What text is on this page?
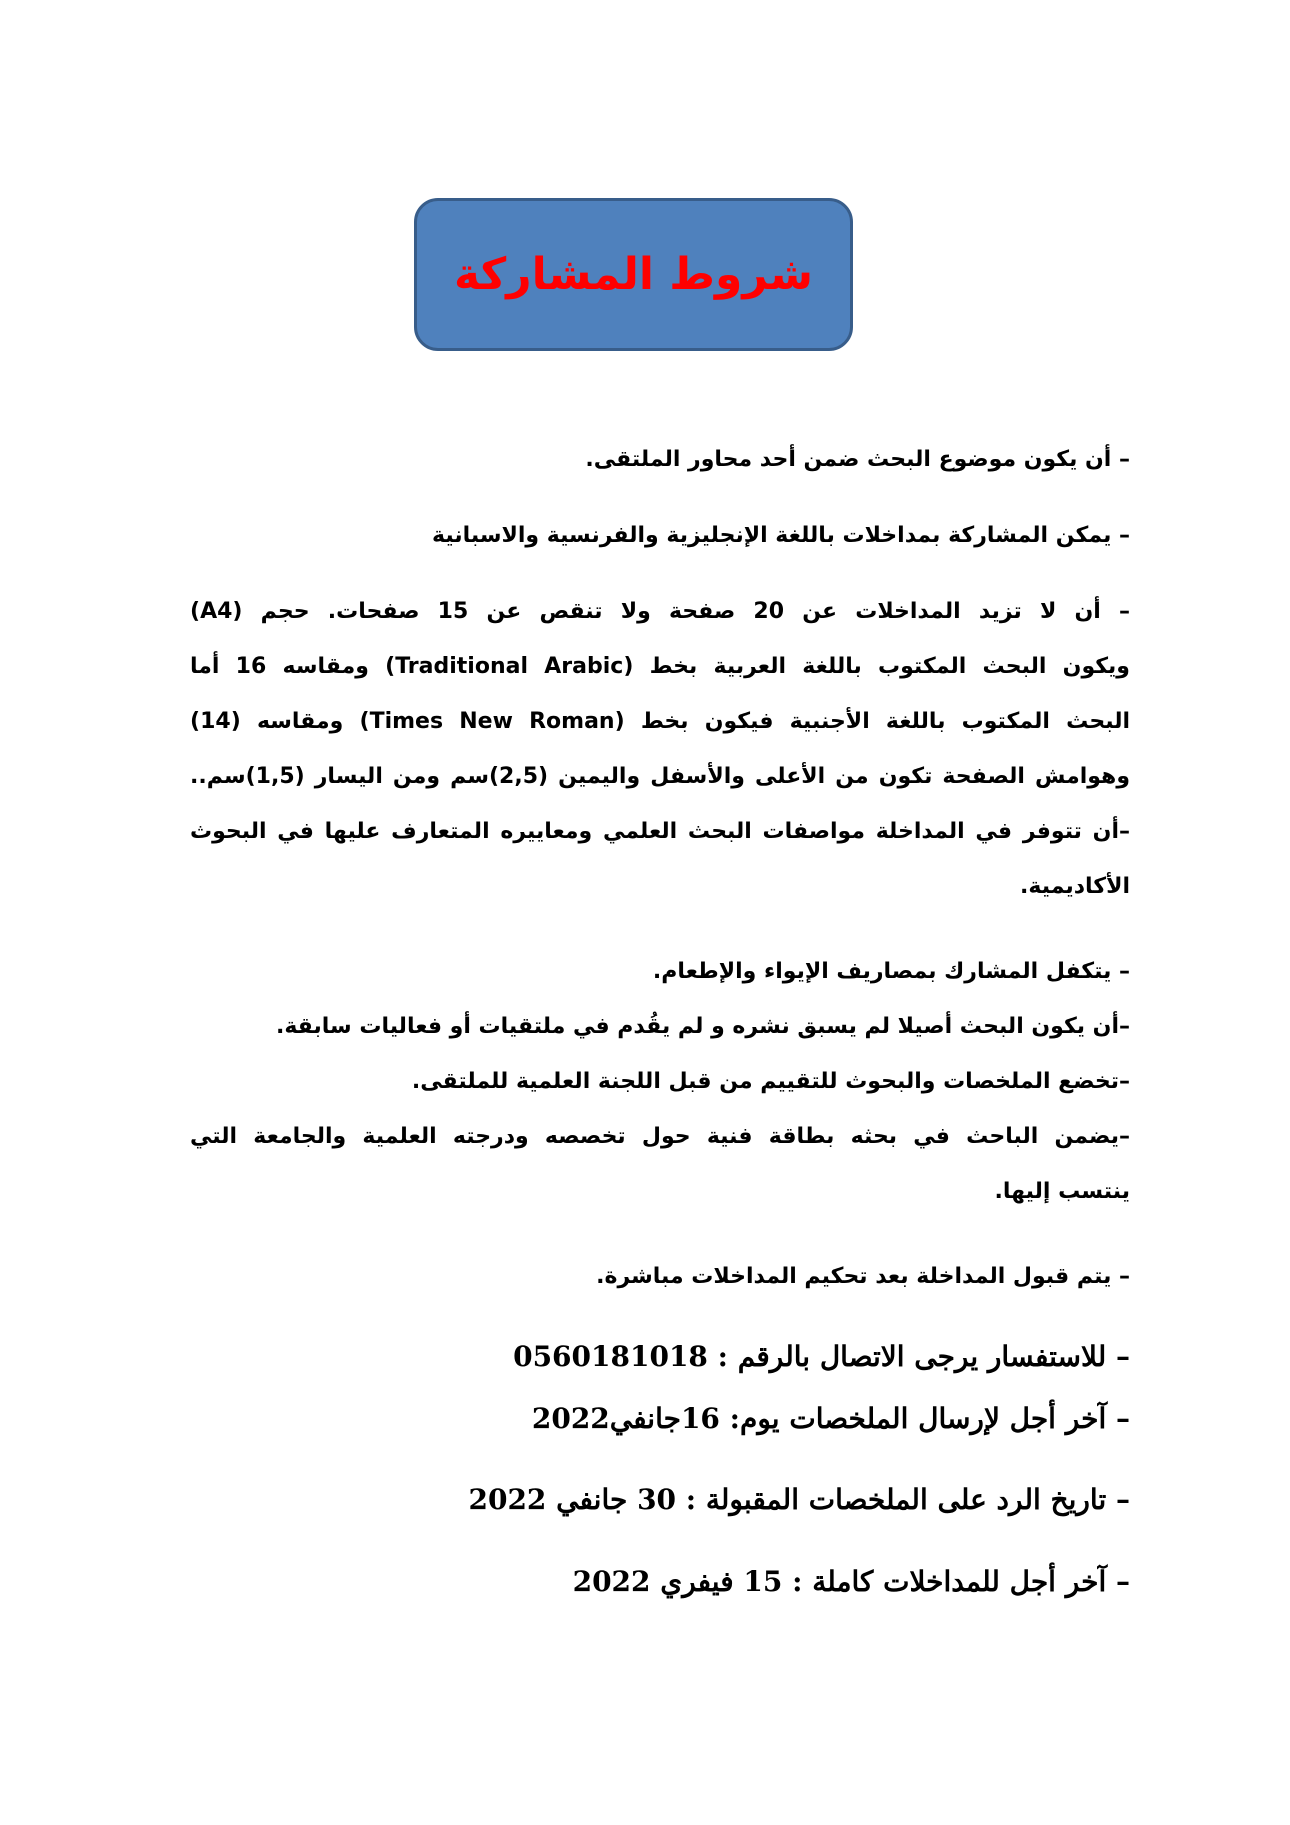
شروط المشاركة
– أن يكون موضوع البحث ضمن أحد محاور الملتقى.
– يمكن المشاركة بمداخلات باللغة الإنجليزية والفرنسية والاسبانية
– أن لا تزيد المداخلات عن 20 صفحة ولا تنقص عن 15 صفحات. حجم (A4)
ويكون البحث المكتوب باللغة العربية بخط (Traditional Arabic) ومقاسه 16 أما
البحث المكتوب باللغة الأجنبية فيكون بخط (Times New Roman) ومقاسه (14)
وهوامش الصفحة تكون من الأعلى والأسفل واليمين (2,5)سم ومن اليسار (1,5)سم..
–أن تتوفر في المداخلة مواصفات البحث العلمي ومعاييره المتعارف عليها في البحوث
الأكاديمية.
– يتكفل المشارك بمصاريف الإيواء والإطعام.
–أن يكون البحث أصيلا لم يسبق نشره و لم يقُدم في ملتقيات أو فعاليات سابقة.
–تخضع الملخصات والبحوث للتقييم من قبل اللجنة العلمية للملتقى.
–يضمن الباحث في بحثه بطاقة فنية حول تخصصه ودرجته العلمية والجامعة التي
ينتسب إليها.
– يتم قبول المداخلة بعد تحكيم المداخلات مباشرة.
– للاستفسار يرجى الاتصال بالرقم : 0560181018
– آخر أجل لإرسال الملخصات يوم: 16جانفي2022
– تاريخ الرد على الملخصات المقبولة : 30 جانفي 2022
– آخر أجل للمداخلات كاملة : 15 فيفري 2022
